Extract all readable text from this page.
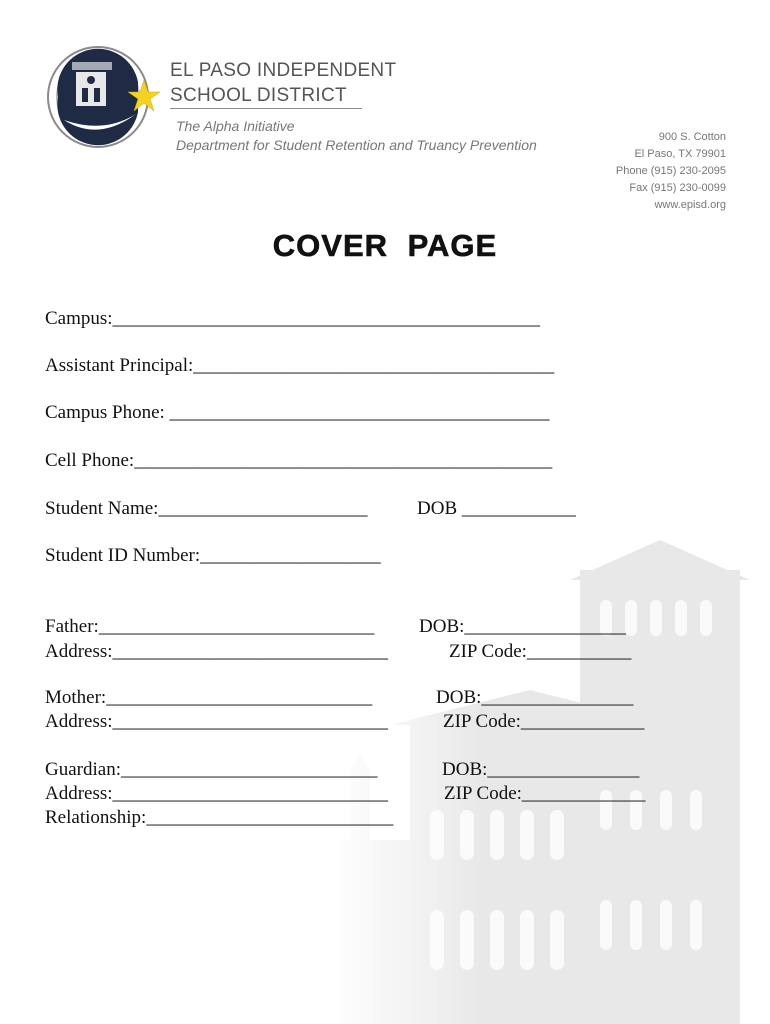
EL PASO INDEPENDENT
SCHOOL DISTRICT
The Alpha Initiative
Department for Student Retention and Truancy Prevention	900 S. Cotton
El Paso, TX 79901
Phone (915) 230-2095
Fax (915) 230-0099
www.episd.org
COVER PAGE
Campus:_____________________________________________
Assistant Principal:______________________________________
Campus Phone: ________________________________________
Cell Phone:____________________________________________
Student Name:______________________	DOB ____________
Student ID Number:___________________
Father:_____________________________ DOB:_________________
Address:_____________________________	ZIP Code:___________
Mother:____________________________	DOB:________________
Address:_____________________________	ZIP Code:_____________
Guardian:___________________________	DOB:________________
Address:_____________________________	ZIP Code:_____________
Relationship:__________________________
